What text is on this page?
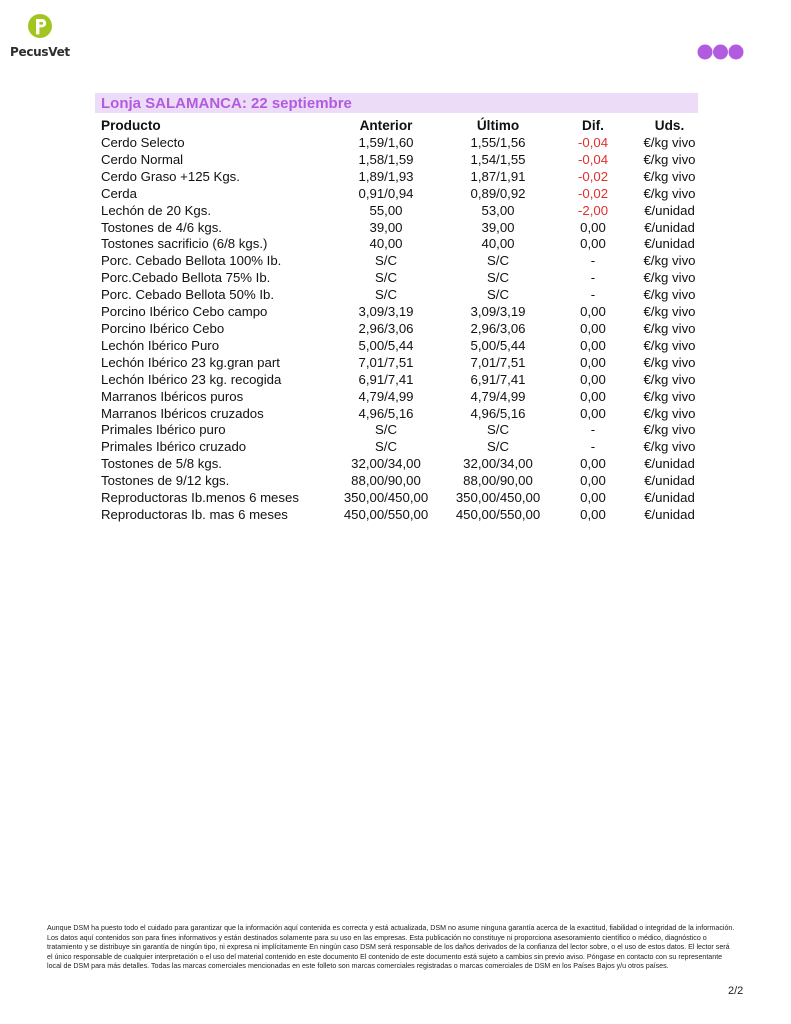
PecusVet
Lonja SALAMANCA: 22 septiembre
Producto	Anterior	Último	Dif.	Uds.
Cerdo Selecto	1,59/1,60	1,55/1,56	-0,04	€/kg vivo
Cerdo Normal	1,58/1,59	1,54/1,55	-0,04	€/kg vivo
Cerdo Graso +125 Kgs.	1,89/1,93	1,87/1,91	-0,02	€/kg vivo
Cerda	0,91/0,94	0,89/0,92	-0,02	€/kg vivo
Lechón de 20 Kgs.	55,00	53,00	-2,00	€/unidad
Tostones de 4/6 kgs.	39,00	39,00	0,00	€/unidad
Tostones sacrificio (6/8 kgs.)	40,00	40,00	0,00	€/unidad
Porc. Cebado Bellota 100% Ib.	S/C	S/C	-	€/kg vivo
Porc.Cebado Bellota 75% Ib.	S/C	S/C	-	€/kg vivo
Porc. Cebado Bellota 50% Ib.	S/C	S/C	-	€/kg vivo
Porcino Ibérico Cebo campo	3,09/3,19	3,09/3,19	0,00	€/kg vivo
Porcino Ibérico Cebo	2,96/3,06	2,96/3,06	0,00	€/kg vivo
Lechón Ibérico Puro	5,00/5,44	5,00/5,44	0,00	€/kg vivo
Lechón Ibérico 23 kg.gran part	7,01/7,51	7,01/7,51	0,00	€/kg vivo
Lechón Ibérico 23 kg. recogida	6,91/7,41	6,91/7,41	0,00	€/kg vivo
Marranos Ibéricos puros	4,79/4,99	4,79/4,99	0,00	€/kg vivo
Marranos Ibéricos cruzados	4,96/5,16	4,96/5,16	0,00	€/kg vivo
Primales Ibérico puro	S/C	S/C	-	€/kg vivo
Primales Ibérico cruzado	S/C	S/C	-	€/kg vivo
Tostones de 5/8 kgs.	32,00/34,00	32,00/34,00	0,00	€/unidad
Tostones de 9/12 kgs.	88,00/90,00	88,00/90,00	0,00	€/unidad
Reproductoras Ib.menos 6 meses	350,00/450,00	350,00/450,00	0,00	€/unidad
Reproductoras Ib. mas 6 meses	450,00/550,00	450,00/550,00	0,00	€/unidad
Aunque DSM ha puesto todo el cuidado para garantizar que la información aquí contenida es correcta y está actualizada, DSM no asume ninguna garantía acerca de la exactitud, fiabilidad o integridad de la información. Los datos aquí contenidos son para fines informativos y están destinados solamente para su uso en las empresas. Esta publicación no constituye ni proporciona asesoramiento científico o médico, diagnóstico o tratamiento y se distribuye sin garantía de ningún tipo, ni expresa ni implícitamente En ningún caso DSM será responsable de los daños derivados de la confianza del lector sobre, o el uso de estos datos. El lector será el único responsable de cualquier interpretación o el uso del material contenido en este documento El contenido de este documento está sujeto a cambios sin previo aviso. Póngase en contacto con su representante local de DSM para más detalles. Todas las marcas comerciales mencionadas en este folleto son marcas comerciales registradas o marcas comerciales de DSM en los Países Bajos y/u otros países.
2/2
